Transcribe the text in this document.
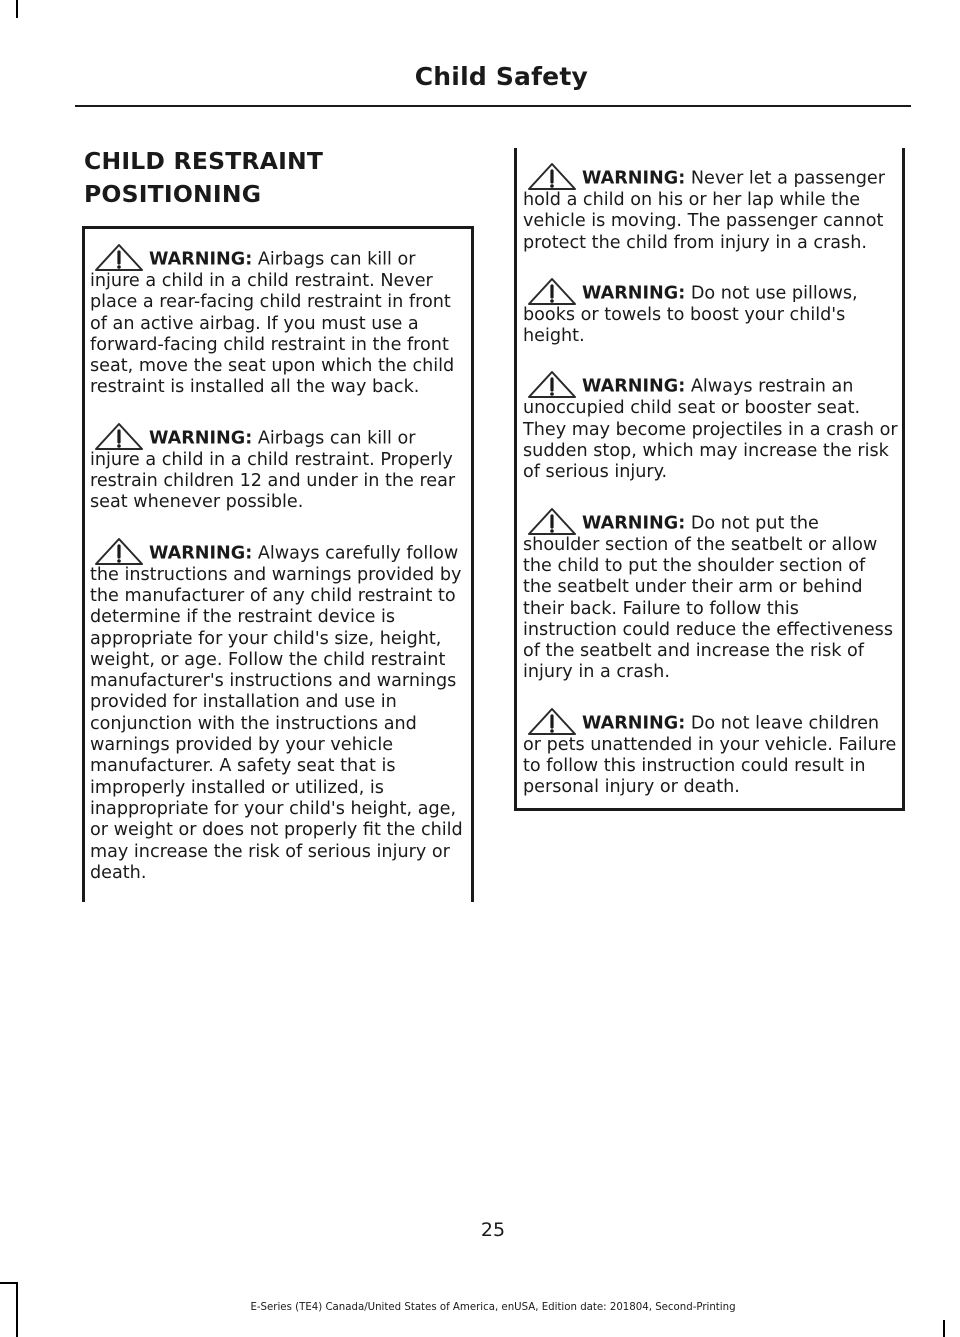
Child Safety
CHILD RESTRAINT
POSITIONING

WARNING: Airbags can kill or injure a child in a child restraint. Never place a rear-facing child restraint in front of an active airbag. If you must use a forward-facing child restraint in the front seat, move the seat upon which the child restraint is installed all the way back.

WARNING: Airbags can kill or injure a child in a child restraint. Properly restrain children 12 and under in the rear seat whenever possible.

WARNING: Always carefully follow the instructions and warnings provided by the manufacturer of any child restraint to determine if the restraint device is appropriate for your child's size, height, weight, or age. Follow the child restraint manufacturer's instructions and warnings provided for installation and use in conjunction with the instructions and warnings provided by your vehicle manufacturer. A safety seat that is improperly installed or utilized, is inappropriate for your child's height, age, or weight or does not properly fit the child may increase the risk of serious injury or death.

WARNING: Never let a passenger hold a child on his or her lap while the vehicle is moving. The passenger cannot protect the child from injury in a crash.

WARNING: Do not use pillows, books or towels to boost your child's height.

WARNING: Always restrain an unoccupied child seat or booster seat. They may become projectiles in a crash or sudden stop, which may increase the risk of serious injury.

WARNING: Do not put the shoulder section of the seatbelt or allow the child to put the shoulder section of the seatbelt under their arm or behind their back. Failure to follow this instruction could reduce the effectiveness of the seatbelt and increase the risk of injury in a crash.

WARNING: Do not leave children or pets unattended in your vehicle. Failure to follow this instruction could result in personal injury or death.

25

E-Series (TE4) Canada/United States of America, enUSA, Edition date: 201804, Second-Printing
